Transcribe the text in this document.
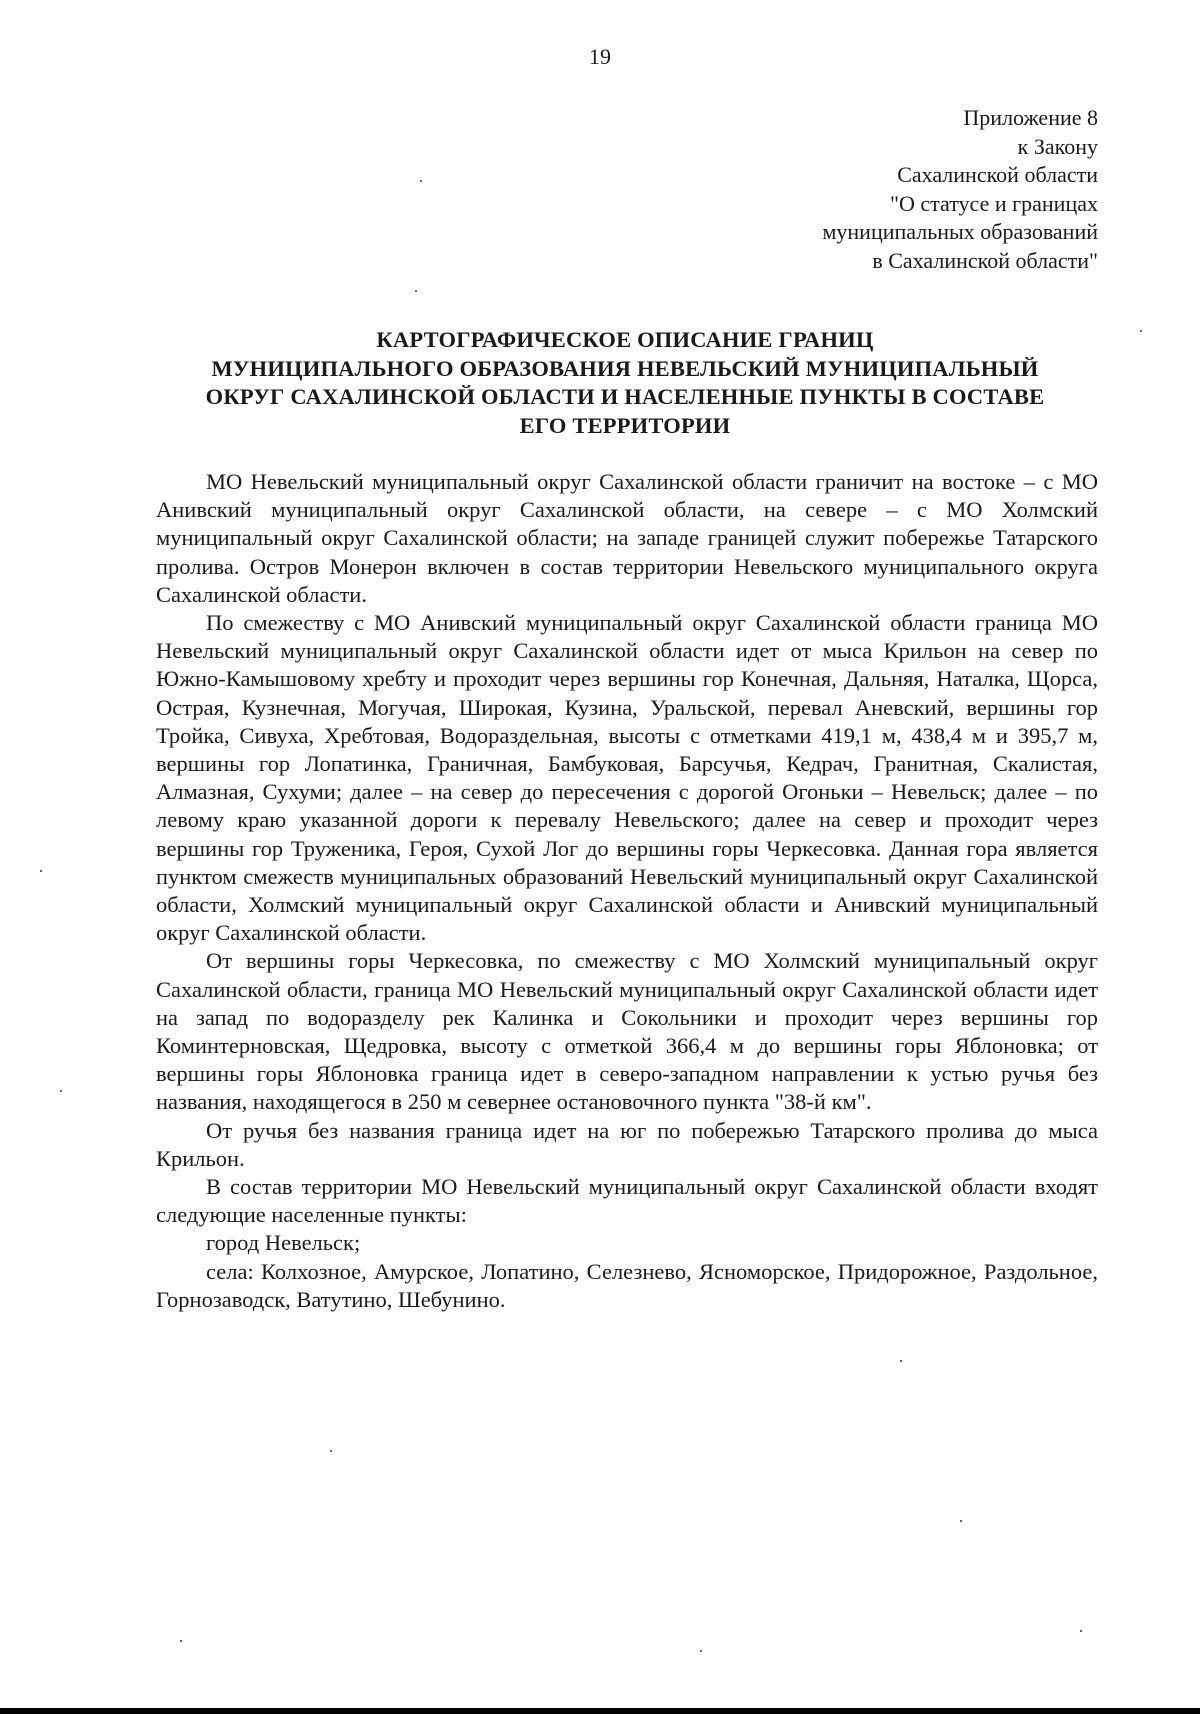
19
Приложение 8
к Закону
Сахалинской области
"О статусе и границах
муниципальных образований
в Сахалинской области"
КАРТОГРАФИЧЕСКОЕ ОПИСАНИЕ ГРАНИЦ
МУНИЦИПАЛЬНОГО ОБРАЗОВАНИЯ НЕВЕЛЬСКИЙ МУНИЦИПАЛЬНЫЙ
ОКРУГ САХАЛИНСКОЙ ОБЛАСТИ И НАСЕЛЕННЫЕ ПУНКТЫ В СОСТАВЕ
ЕГО ТЕРРИТОРИИ

МО Невельский муниципальный округ Сахалинской области граничит на востоке – с МО Анивский муниципальный округ Сахалинской области, на севере – с МО Холмский муниципальный округ Сахалинской области; на западе границей служит побережье Татарского пролива. Остров Монерон включен в состав территории Невельского муниципального округа Сахалинской области.

По смежеству с МО Анивский муниципальный округ Сахалинской области граница МО Невельский муниципальный округ Сахалинской области идет от мыса Крильон на север по Южно-Камышовому хребту и проходит через вершины гор Конечная, Дальняя, Наталка, Щорса, Острая, Кузнечная, Могучая, Широкая, Кузина, Уральской, перевал Аневский, вершины гор Тройка, Сивуха, Хребтовая, Водораздельная, высоты с отметками 419,1 м, 438,4 м и 395,7 м, вершины гор Лопатинка, Граничная, Бамбуковая, Барсучья, Кедрач, Гранитная, Скалистая, Алмазная, Сухуми; далее – на север до пересечения с дорогой Огоньки – Невельск; далее – по левому краю указанной дороги к перевалу Невельского; далее на север и проходит через вершины гор Труженика, Героя, Сухой Лог до вершины горы Черкесовка. Данная гора является пунктом смежеств муниципальных образований Невельский муниципальный округ Сахалинской области, Холмский муниципальный округ Сахалинской области и Анивский муниципальный округ Сахалинской области.

От вершины горы Черкесовка, по смежеству с МО Холмский муниципальный округ Сахалинской области, граница МО Невельский муниципальный округ Сахалинской области идет на запад по водоразделу рек Калинка и Сокольники и проходит через вершины гор Коминтерновская, Щедровка, высоту с отметкой 366,4 м до вершины горы Яблоновка; от вершины горы Яблоновка граница идет в северо-западном направлении к устью ручья без названия, находящегося в 250 м севернее остановочного пункта "38-й км".

От ручья без названия граница идет на юг по побережью Татарского пролива до мыса Крильон.

В состав территории МО Невельский муниципальный округ Сахалинской области входят следующие населенные пункты:

город Невельск;

села: Колхозное, Амурское, Лопатино, Селезнево, Ясноморское, Придорожное, Раздольное, Горнозаводск, Ватутино, Шебунино.
